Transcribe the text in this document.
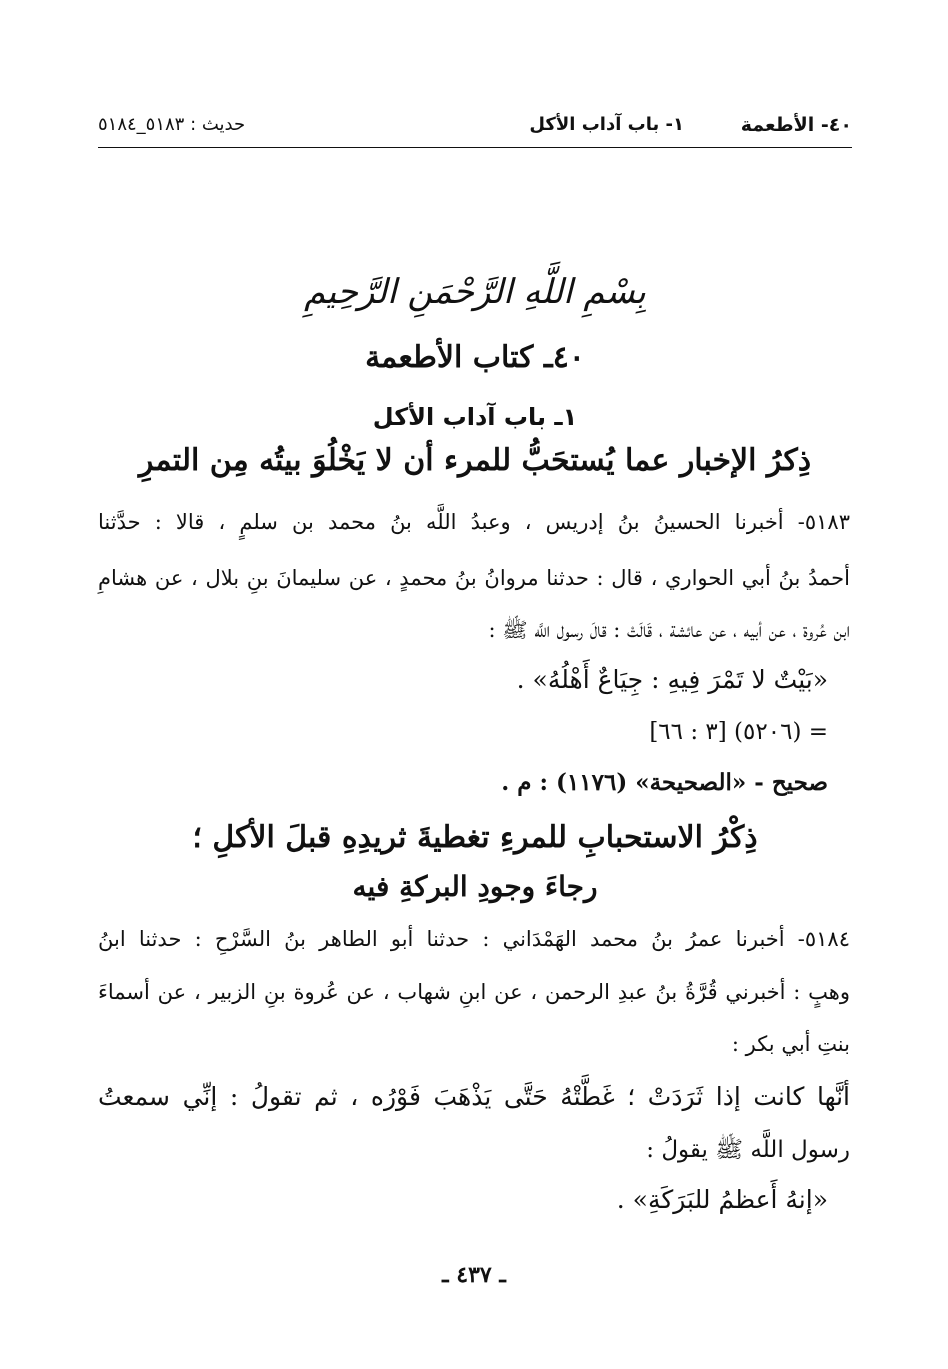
٤٠- الأطعمة
١- باب آداب الأكل
حديث : ٥١٨٣_٥١٨٤
بِسْمِ اللَّهِ الرَّحْمَنِ الرَّحِيمِ
٤٠ـ كتاب الأطعمة
١ـ باب آداب الأكل
ذِكرُ الإخبار عما يُستحَبُّ للمرء أن لا يَخْلُوَ بيتُه مِن التمرِ
٥١٨٣- أخبرنا الحسينُ بنُ إدريس ، وعبدُ اللَّه بنُ محمد بن سلمٍ ، قالا : حدَّثنا
أحمدُ بنُ أبي الحواري ، قال : حدثنا مروانُ بنُ محمدٍ ، عن سليمانَ بنِ بلال ، عن هشامِ
ابن عُروة ، عن أبيه ، عن عائشة ، قَالَتْ : قالَ رسول اللَّه ﷺ :
«بَيْتٌ لا تَمْرَ فِيهِ : جِيَاعٌ أَهْلُهُ» .
= (٥٢٠٦) [٣ : ٦٦]
صحيح - «الصحيحة» (١١٧٦) : م .
ذِكْرُ الاستحبابِ للمرءِ تغطيةَ ثريدِهِ قبلَ الأكلِ ؛
رجاءَ وجودِ البركةِ فيه
٥١٨٤- أخبرنا عمرُ بنُ محمد الهَمْدَاني : حدثنا أبو الطاهر بنُ السَّرْحِ : حدثنا ابنُ
وهبٍ : أخبرني قُرَّةُ بنُ عبدِ الرحمن ، عن ابنِ شهاب ، عن عُروة بنِ الزبير ، عن أسماءَ
بنتِ أبي بكر :
أنَّها كانت إذا ثَرَدَتْ ؛ غَطَّتْهُ حَتَّى يَذْهَبَ فَوْرُه ، ثم تقولُ : إنِّي سمعتُ
رسول اللَّه ﷺ يقولُ :
«إنهُ أَعظمُ للبَرَكَةِ» .
ـ ٤٣٧ ـ
